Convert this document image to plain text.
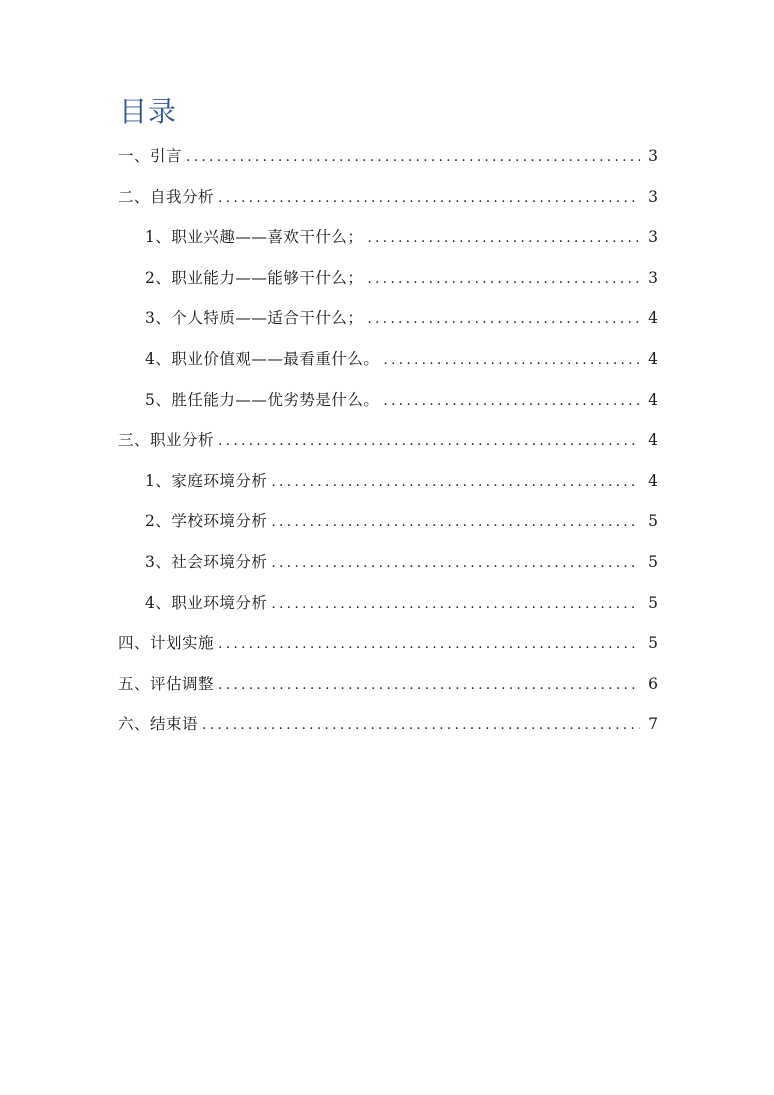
目录
一、引言 .....	3
二、自我分析 .....	3
1、职业兴趣——喜欢干什么； .....	3
2、职业能力——能够干什么； .....	3
3、个人特质——适合干什么； .....	4
4、职业价值观——最看重什么。 .....	4
5、胜任能力——优劣势是什么。 .....	4
三、职业分析 .....	4
1、家庭环境分析 .....	4
2、学校环境分析 .....	5
3、社会环境分析 .....	5
4、职业环境分析 .....	5
四、计划实施 .....	5
五、评估调整 .....	6
六、结束语 .....	7
